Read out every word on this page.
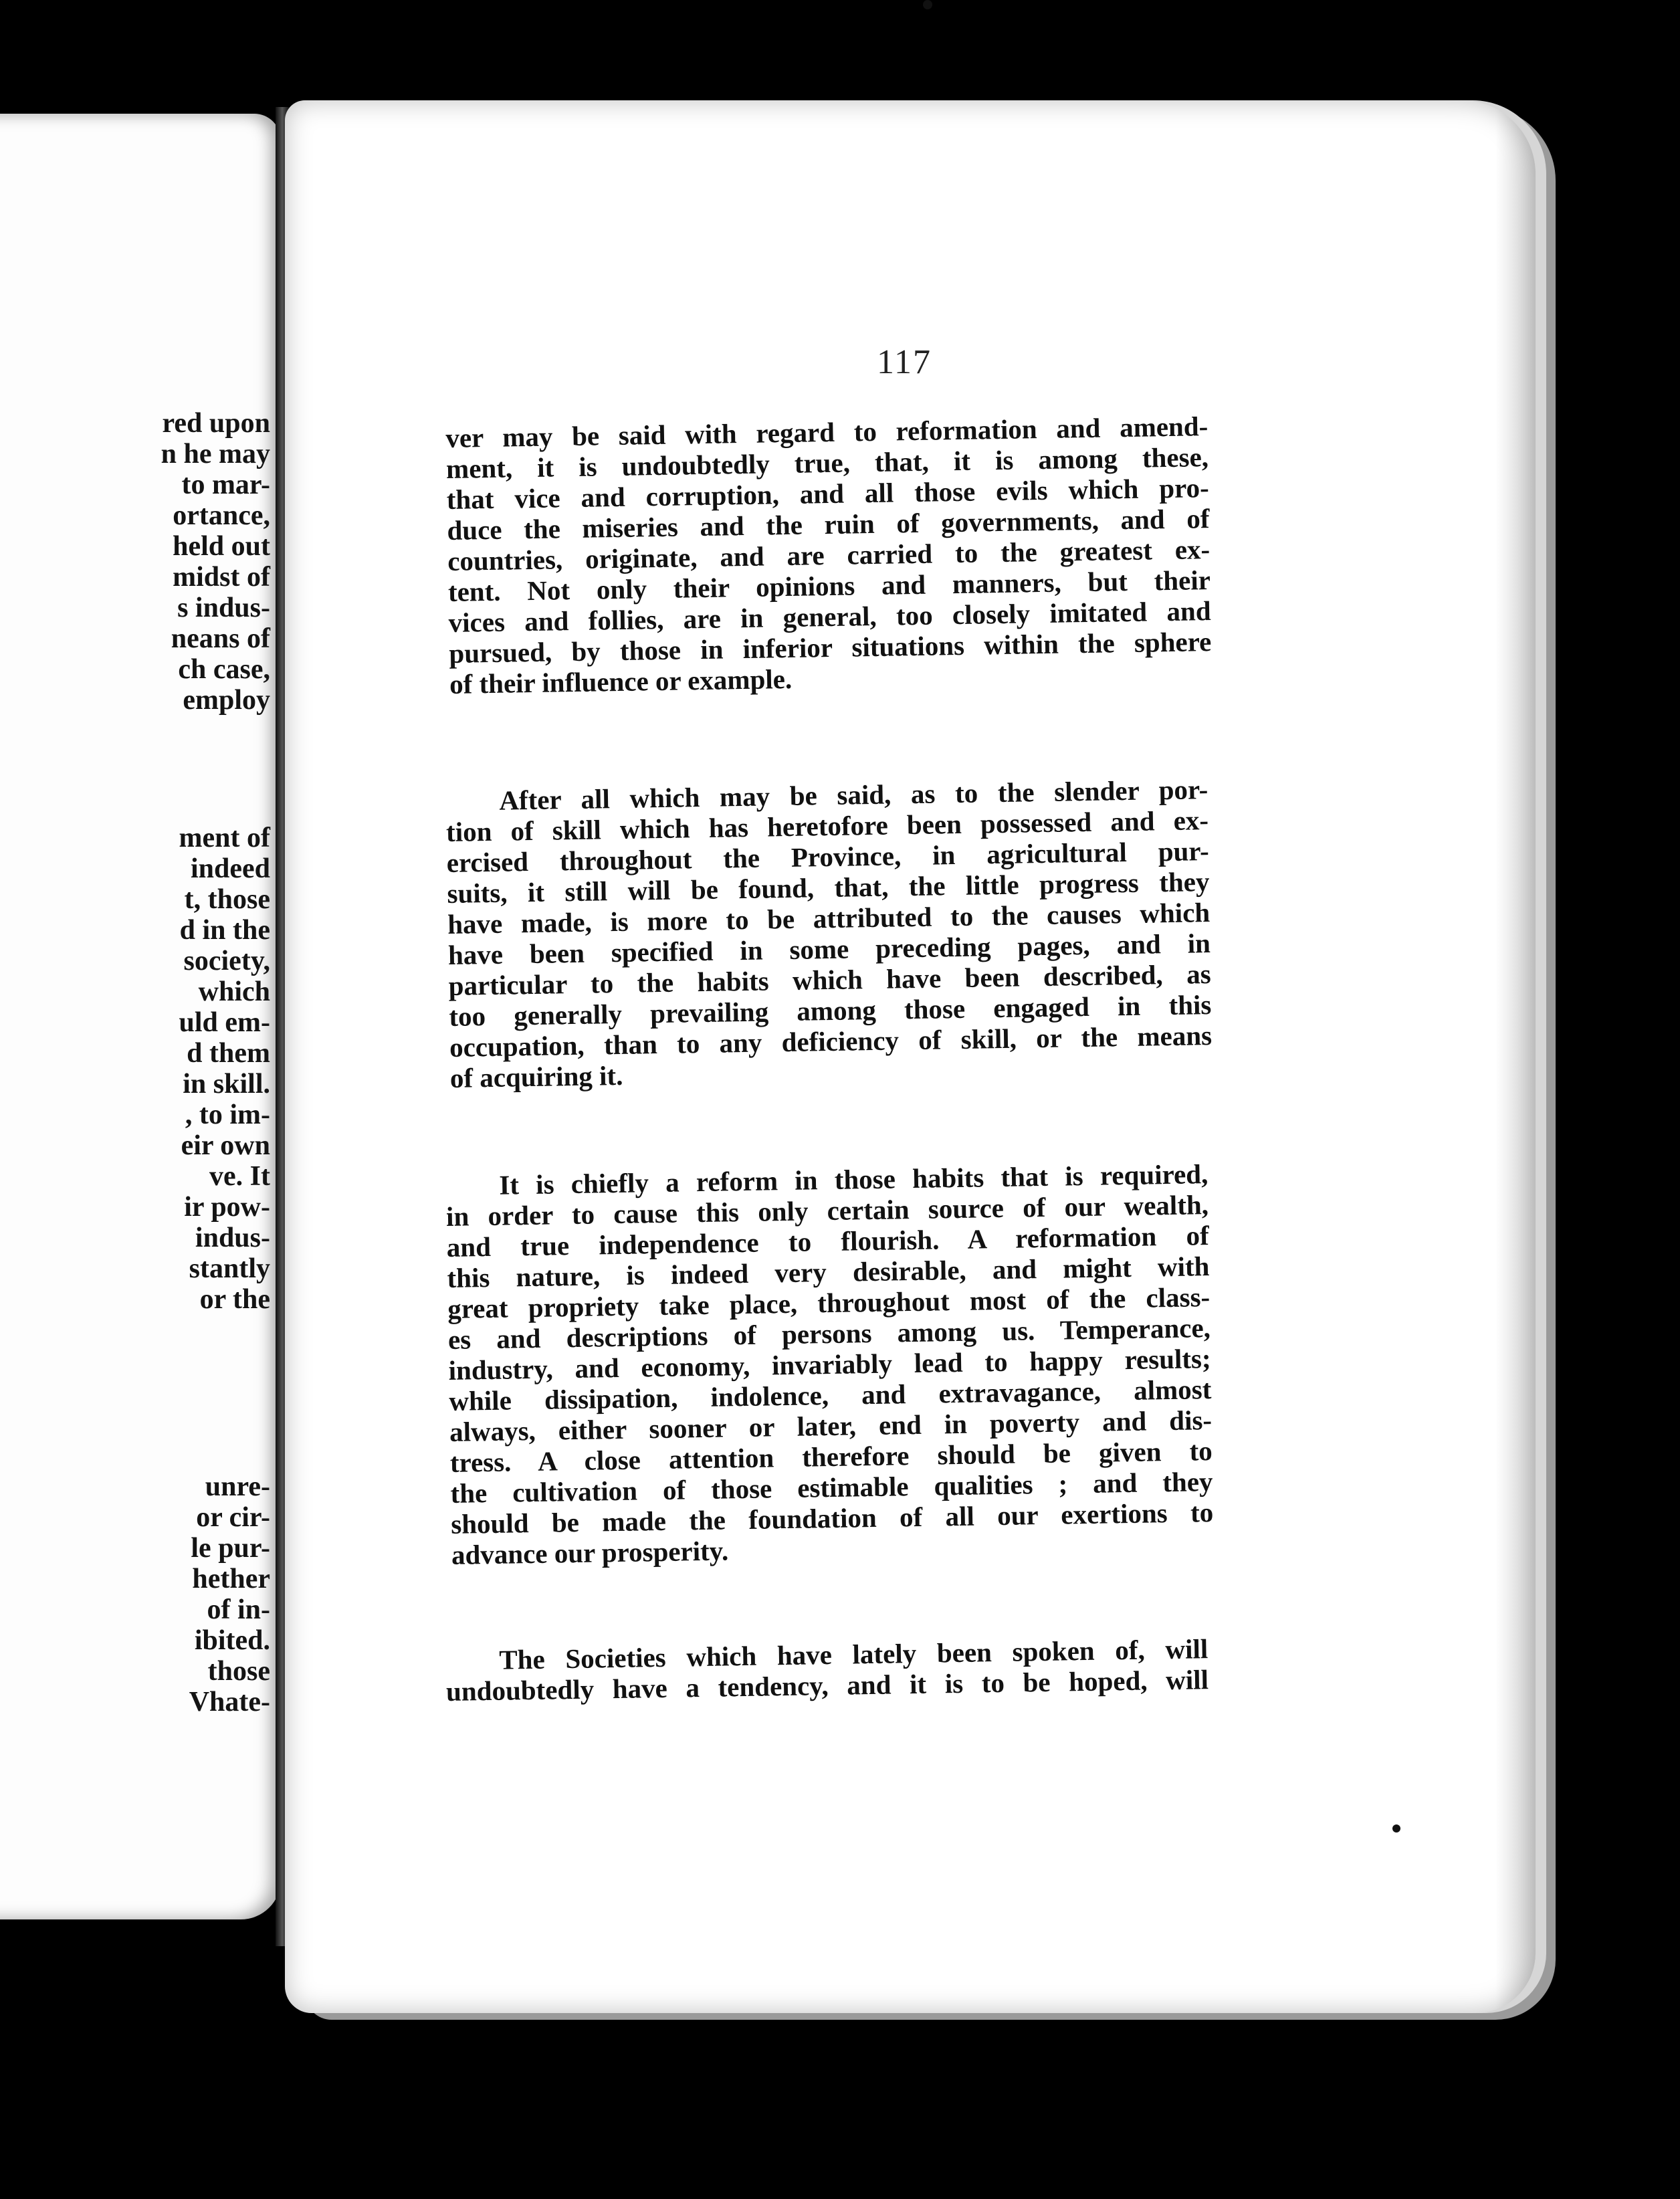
red upon
n he may
to mar-
ortance,
held out
midst of
s indus-
neans of
ch case,
employ
ment of
indeed
t, those
d in the
society,
which
uld em-
d them
in skill.
, to im-
eir own
ve. It
ir pow-
indus-
stantly
or the
unre-
or cir-
le pur-
hether
of in-
ibited.
those
Vhate-
117

ver may be said with regard to reformation and amend-

ment, it is undoubtedly true, that, it is among these,

that vice and corruption, and all those evils which pro-

duce the miseries and the ruin of governments, and of

countries, originate, and are carried to the greatest ex-

tent. Not only their opinions and manners, but their

vices and follies, are in general, too closely imitated and

pursued, by those in inferior situations within the sphere

of their influence or example.

After all which may be said, as to the slender por-

tion of skill which has heretofore been possessed and ex-

ercised throughout the Province, in agricultural pur-

suits, it still will be found, that, the little progress they

have made, is more to be attributed to the causes which

have been specified in some preceding pages, and in

particular to the habits which have been described, as

too generally prevailing among those engaged in this

occupation, than to any deficiency of skill, or the means

of acquiring it.

It is chiefly a reform in those habits that is required,

in order to cause this only certain source of our wealth,

and true independence to flourish. A reformation of

this nature, is indeed very desirable, and might with

great propriety take place, throughout most of the class-

es and descriptions of persons among us. Temperance,

industry, and economy, invariably lead to happy results;

while dissipation, indolence, and extravagance, almost

always, either sooner or later, end in poverty and dis-

tress. A close attention therefore should be given to

the cultivation of those estimable qualities ; and they

should be made the foundation of all our exertions to

advance our prosperity.

The Societies which have lately been spoken of, will

undoubtedly have a tendency, and it is to be hoped, will
